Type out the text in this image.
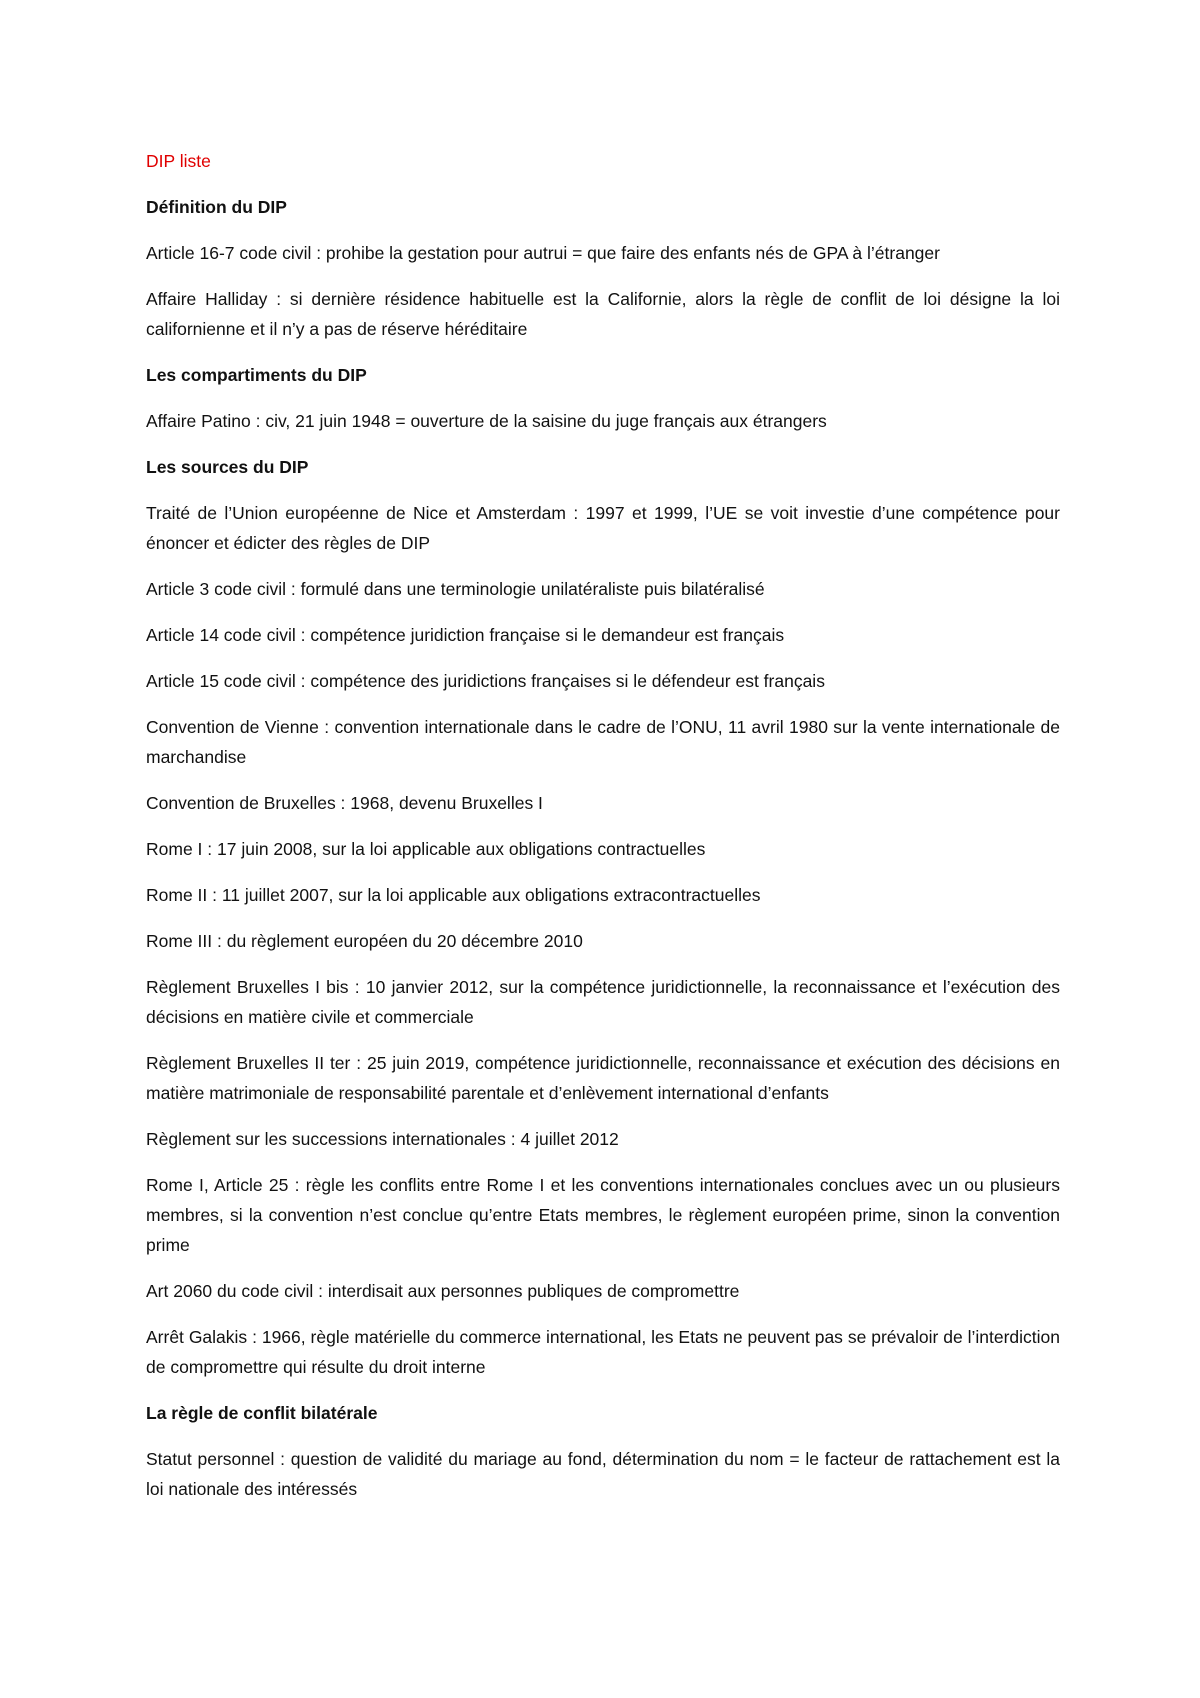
DIP liste
Définition du DIP
Article 16-7 code civil : prohibe la gestation pour autrui = que faire des enfants nés de GPA à l’étranger
Affaire Halliday : si dernière résidence habituelle est la Californie, alors la règle de conflit de loi désigne la loi californienne et il n’y a pas de réserve héréditaire
Les compartiments du DIP
Affaire Patino : civ, 21 juin 1948 = ouverture de la saisine du juge français aux étrangers
Les sources du DIP
Traité de l’Union européenne de Nice et Amsterdam : 1997 et 1999, l’UE se voit investie d’une compétence pour énoncer et édicter des règles de DIP
Article 3 code civil : formulé dans une terminologie unilatéraliste puis bilatéralisé
Article 14 code civil : compétence juridiction française si le demandeur est français
Article 15 code civil : compétence des juridictions françaises si le défendeur est français
Convention de Vienne : convention internationale dans le cadre de l’ONU, 11 avril 1980 sur la vente internationale de marchandise
Convention de Bruxelles : 1968, devenu Bruxelles I
Rome I : 17 juin 2008, sur la loi applicable aux obligations contractuelles
Rome II : 11 juillet 2007, sur la loi applicable aux obligations extracontractuelles
Rome III : du règlement européen du 20 décembre 2010
Règlement Bruxelles I bis : 10 janvier 2012, sur la compétence juridictionnelle, la reconnaissance et l’exécution des décisions en matière civile et commerciale
Règlement Bruxelles II ter : 25 juin 2019, compétence juridictionnelle, reconnaissance et exécution des décisions en matière matrimoniale de responsabilité parentale et d’enlèvement international d’enfants
Règlement sur les successions internationales : 4 juillet 2012
Rome I, Article 25 : règle les conflits entre Rome I et les conventions internationales conclues avec un ou plusieurs membres, si la convention n’est conclue qu’entre Etats membres, le règlement européen prime, sinon la convention prime
Art 2060 du code civil : interdisait aux personnes publiques de compromettre
Arrêt Galakis : 1966, règle matérielle du commerce international, les Etats ne peuvent pas se prévaloir de l’interdiction de compromettre qui résulte du droit interne
La règle de conflit bilatérale
Statut personnel : question de validité du mariage au fond, détermination du nom = le facteur de rattachement est la loi nationale des intéressés
